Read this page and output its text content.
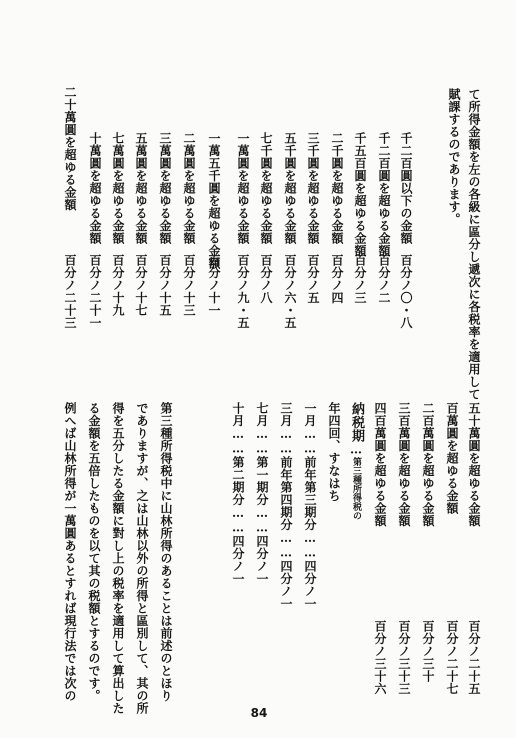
て所得金額を左の各級に區分し遞次に各税率を適用して
賦課するのであります。
千二百圓以下の金額
千二百圓を超ゆる金額
千五百圓を超ゆる金額
二千圓を超ゆる金額
三千圓を超ゆる金額
五千圓を超ゆる金額
七千圓を超ゆる金額
一萬圓を超ゆる金額
一萬五千圓を超ゆる金額
二萬圓を超ゆる金額
三萬圓を超ゆる金額
五萬圓を超ゆる金額
七萬圓を超ゆる金額
十萬圓を超ゆる金額
二十萬圓を超ゆる金額
百分ノ〇・八
百分ノ二
百分ノ三
百分ノ四
百分ノ五
百分ノ六・五
百分ノ八
百分ノ九・五
百分ノ十一
百分ノ十三
百分ノ十五
百分ノ十七
百分ノ十九
百分ノ二十一
百分ノ二十三
五十萬圓を超ゆる金額
百萬圓を超ゆる金額
二百萬圓を超ゆる金額
三百萬圓を超ゆる金額
四百萬圓を超ゆる金額
年四回、すなはち
一月……前年第三期分……四分ノ一
三月……前年第四期分……四分ノ一
七月……第一期分……四分ノ一
十月……第二期分……四分ノ一
第三種所得税中に山林所得のあることは前述のとほり
でありますが、之は山林以外の所得と區別して、其の所
得を五分したる金額に對し上の税率を適用して算出した
る金額を五倍したものを以て其の税額とするのです。
例へば山林所得が一萬圓あるとすれば現行法では次の	百分ノ二十五
百分ノ二十七
百分ノ三十
百分ノ三十三
百分ノ三十六
納税期…第三種所得税の
84
